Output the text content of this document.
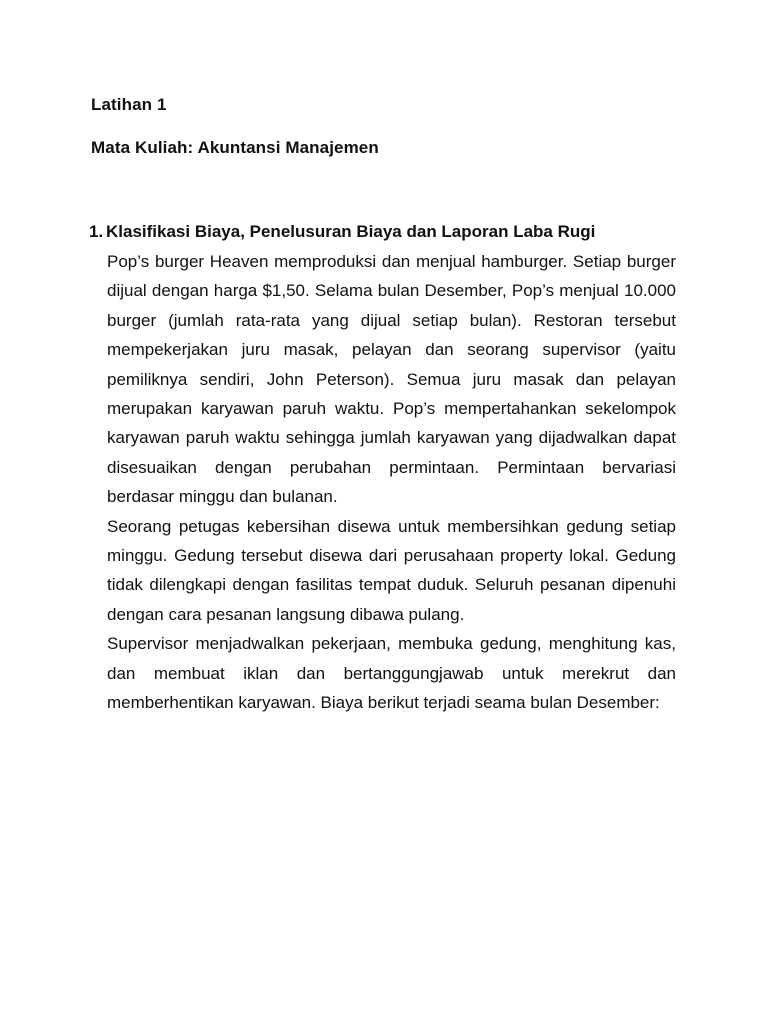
Latihan 1
Mata Kuliah: Akuntansi Manajemen
1. Klasifikasi Biaya, Penelusuran Biaya dan Laporan Laba Rugi

Pop’s burger Heaven memproduksi dan menjual hamburger. Setiap burger dijual dengan harga $1,50. Selama bulan Desember, Pop’s menjual 10.000 burger (jumlah rata-rata yang dijual setiap bulan). Restoran tersebut mempekerjakan juru masak, pelayan dan seorang supervisor (yaitu pemiliknya sendiri, John Peterson). Semua juru masak dan pelayan merupakan karyawan paruh waktu. Pop’s mempertahankan sekelompok karyawan paruh waktu sehingga jumlah karyawan yang dijadwalkan dapat disesuaikan dengan perubahan permintaan. Permintaan bervariasi berdasar minggu dan bulanan.

Seorang petugas kebersihan disewa untuk membersihkan gedung setiap minggu. Gedung tersebut disewa dari perusahaan property lokal. Gedung tidak dilengkapi dengan fasilitas tempat duduk. Seluruh pesanan dipenuhi dengan cara pesanan langsung dibawa pulang.

Supervisor menjadwalkan pekerjaan, membuka gedung, menghitung kas, dan membuat iklan dan bertanggungjawab untuk merekrut dan memberhentikan karyawan. Biaya berikut terjadi seama bulan Desember:
